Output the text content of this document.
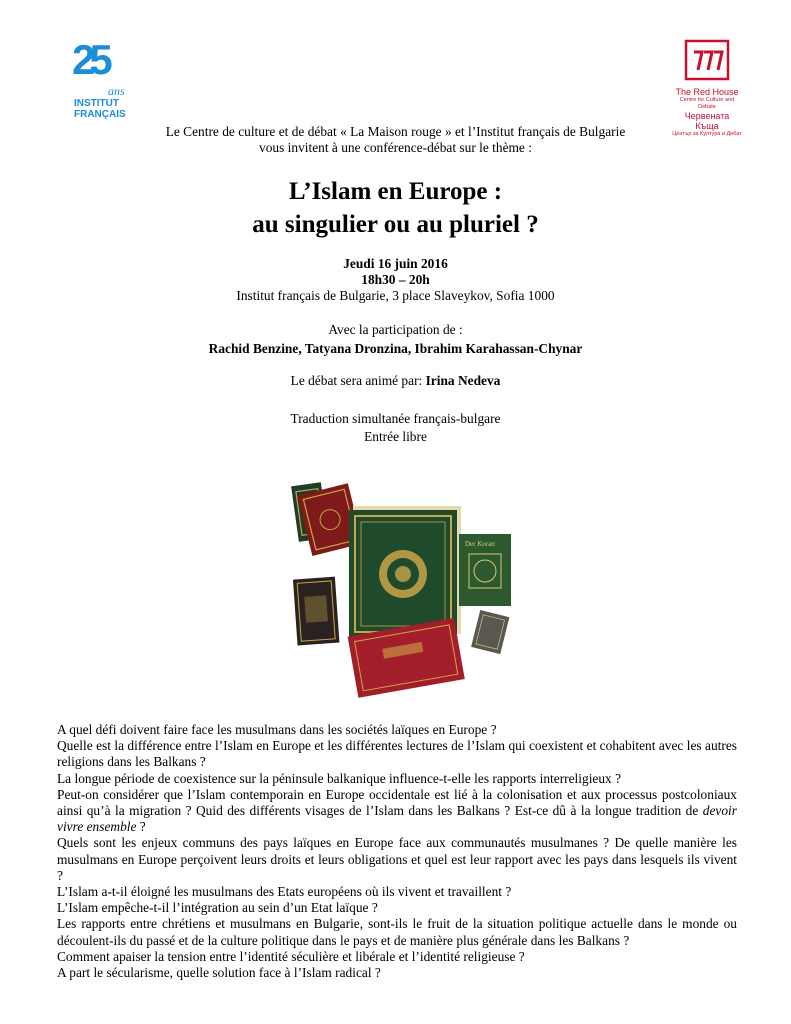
25
ans
INSTITUT
FRANÇAIS
The Red House
Centre for Culture and Debate
Червената Къща
Център за Култура и Дебат
Le Centre de culture et de débat « La Maison rouge » et l’Institut français de Bulgarie
vous invitent à une conférence-débat sur le thème :
L’Islam en Europe :
au singulier ou au pluriel ?
Jeudi 16 juin 2016
18h30 – 20h
Institut français de Bulgarie, 3 place Slaveykov, Sofia 1000
Avec la participation de :
Rachid Benzine, Tatyana Dronzina, Ibrahim Karahassan-Chynar
Le débat sera animé par: Irina Nedeva
Traduction simultanée français-bulgare
Entrée libre
Der Koran

A quel défi doivent faire face les musulmans dans les sociétés laïques en Europe ?

Quelle est la différence entre l’Islam en Europe et les différentes lectures de l’Islam qui coexistent et cohabitent avec les autres religions dans les Balkans ?

La longue période de coexistence sur la péninsule balkanique influence-t-elle les rapports interreligieux ?

Peut-on considérer que l’Islam contemporain en Europe occidentale est lié à la colonisation et aux processus postcoloniaux ainsi qu’à la migration ? Quid des différents visages de l’Islam dans les Balkans ? Est-ce dû à la longue tradition de devoir vivre ensemble ?

Quels sont les enjeux communs des pays laïques en Europe face aux communautés musulmanes ? De quelle manière les musulmans en Europe perçoivent leurs droits et leurs obligations et quel est leur rapport avec les pays dans lesquels ils vivent ?

L’Islam a-t-il éloigné les musulmans des Etats européens où ils vivent et travaillent ?

L’Islam empêche-t-il l’intégration au sein d’un Etat laïque ?

Les rapports entre chrétiens et musulmans en Bulgarie, sont-ils le fruit de la situation politique actuelle dans le monde ou découlent-ils du passé et de la culture politique dans le pays et de manière plus générale dans les Balkans ?

Comment apaiser la tension entre l’identité séculière et libérale et l’identité religieuse ?

A part le sécularisme, quelle solution face à l’Islam radical ?
